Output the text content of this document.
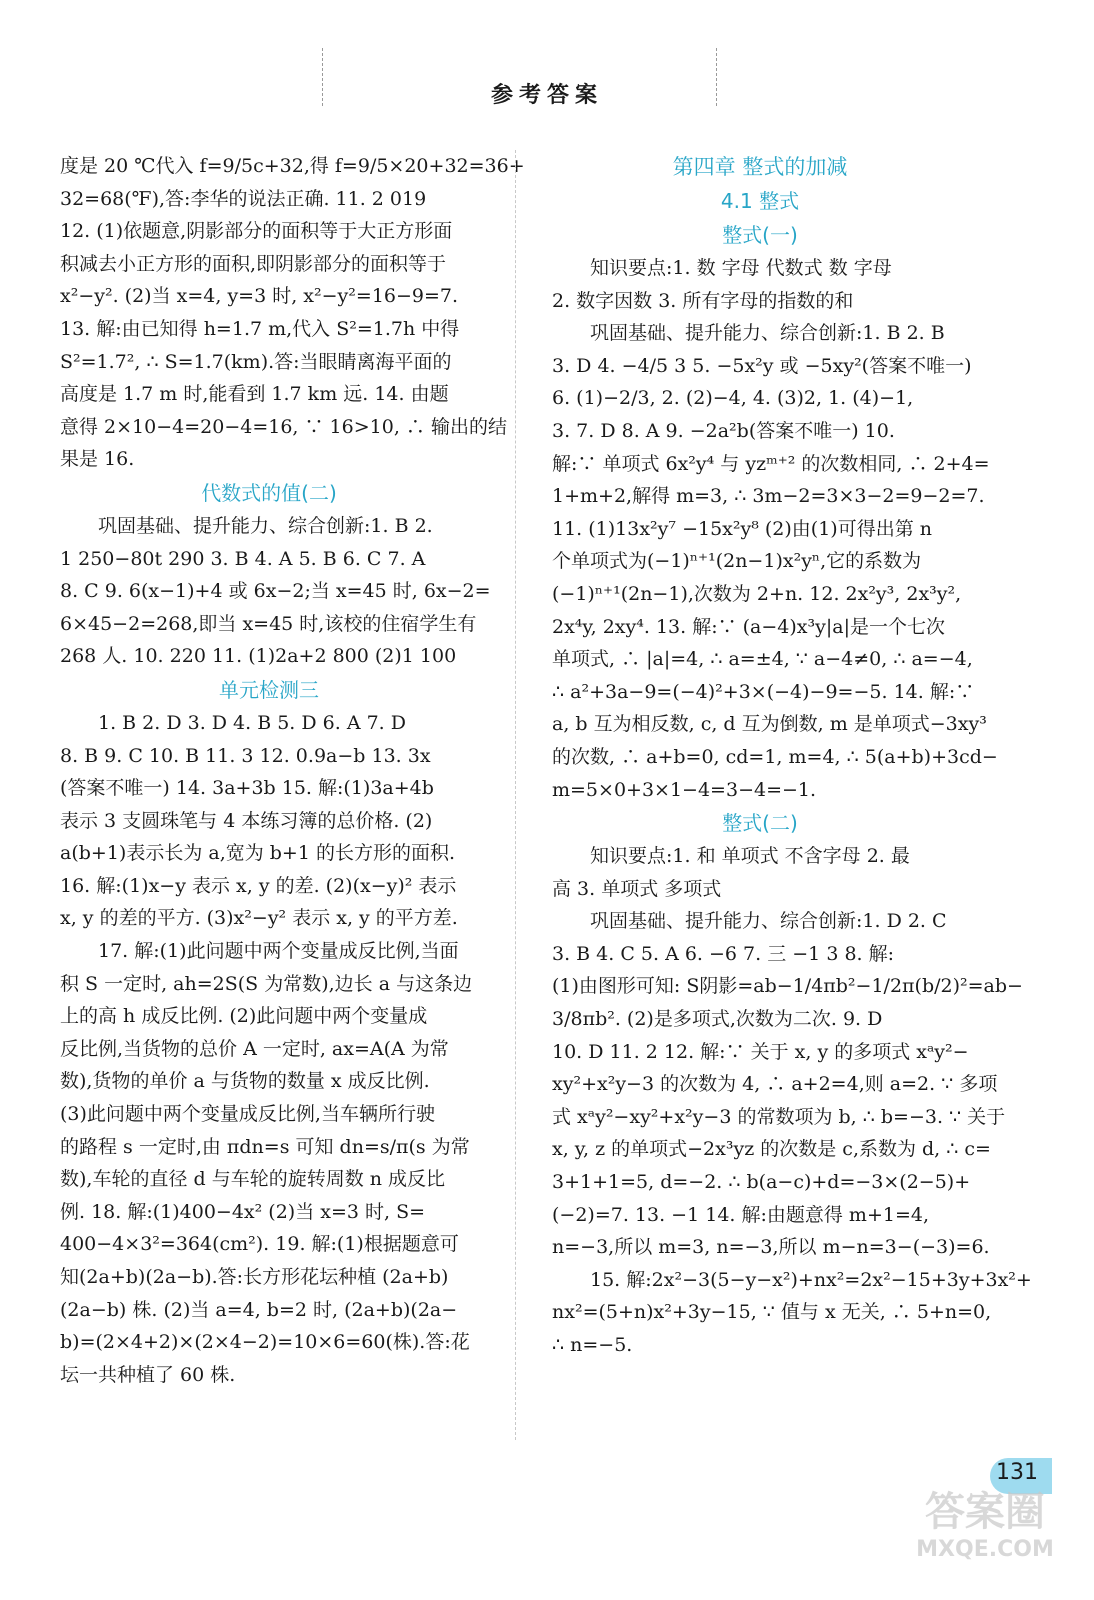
参考答案
度是 20 ℃代入 f=9/5c+32,得 f=9/5×20+32=36+
32=68(℉),答:李华的说法正确. 11. 2 019
12. (1)依题意,阴影部分的面积等于大正方形面
积减去小正方形的面积,即阴影部分的面积等于
x²−y². (2)当 x=4, y=3 时, x²−y²=16−9=7.
13. 解:由已知得 h=1.7 m,代入 S²=1.7h 中得
S²=1.7², ∴ S=1.7(km).答:当眼睛离海平面的
高度是 1.7 m 时,能看到 1.7 km 远. 14. 由题
意得 2×10−4=20−4=16, ∵ 16>10, ∴ 输出的结
果是 16.
代数式的值(二)
巩固基础、提升能力、综合创新:1. B 2.
1 250−80t 290 3. B 4. A 5. B 6. C 7. A
8. C 9. 6(x−1)+4 或 6x−2;当 x=45 时, 6x−2=
6×45−2=268,即当 x=45 时,该校的住宿学生有
268 人. 10. 220 11. (1)2a+2 800 (2)1 100
单元检测三
1. B 2. D 3. D 4. B 5. D 6. A 7. D
8. B 9. C 10. B 11. 3 12. 0.9a−b 13. 3x
(答案不唯一) 14. 3a+3b 15. 解:(1)3a+4b
表示 3 支圆珠笔与 4 本练习簿的总价格. (2)
a(b+1)表示长为 a,宽为 b+1 的长方形的面积.
16. 解:(1)x−y 表示 x, y 的差. (2)(x−y)² 表示
x, y 的差的平方. (3)x²−y² 表示 x, y 的平方差.
17. 解:(1)此问题中两个变量成反比例,当面
积 S 一定时, ah=2S(S 为常数),边长 a 与这条边
上的高 h 成反比例. (2)此问题中两个变量成
反比例,当货物的总价 A 一定时, ax=A(A 为常
数),货物的单价 a 与货物的数量 x 成反比例.
(3)此问题中两个变量成反比例,当车辆所行驶
的路程 s 一定时,由 πdn=s 可知 dn=s/π(s 为常
数),车轮的直径 d 与车轮的旋转周数 n 成反比
例. 18. 解:(1)400−4x² (2)当 x=3 时, S=
400−4×3²=364(cm²). 19. 解:(1)根据题意可
知(2a+b)(2a−b).答:长方形花坛种植 (2a+b)
(2a−b) 株. (2)当 a=4, b=2 时, (2a+b)(2a−
b)=(2×4+2)×(2×4−2)=10×6=60(株).答:花
坛一共种植了 60 株.
第四章 整式的加减
4.1 整式
整式(一)
知识要点:1. 数 字母 代数式 数 字母
2. 数字因数 3. 所有字母的指数的和
巩固基础、提升能力、综合创新:1. B 2. B
3. D 4. −4/5 3 5. −5x²y 或 −5xy²(答案不唯一)
6. (1)−2/3, 2. (2)−4, 4. (3)2, 1. (4)−1,
3. 7. D 8. A 9. −2a²b(答案不唯一) 10.
解:∵ 单项式 6x²y⁴ 与 yzᵐ⁺² 的次数相同, ∴ 2+4=
1+m+2,解得 m=3, ∴ 3m−2=3×3−2=9−2=7.
11. (1)13x²y⁷ −15x²y⁸ (2)由(1)可得出第 n
个单项式为(−1)ⁿ⁺¹(2n−1)x²yⁿ,它的系数为
(−1)ⁿ⁺¹(2n−1),次数为 2+n. 12. 2x²y³, 2x³y²,
2x⁴y, 2xy⁴. 13. 解:∵ (a−4)x³y|a|是一个七次
单项式, ∴ |a|=4, ∴ a=±4, ∵ a−4≠0, ∴ a=−4,
∴ a²+3a−9=(−4)²+3×(−4)−9=−5. 14. 解:∵
a, b 互为相反数, c, d 互为倒数, m 是单项式−3xy³
的次数, ∴ a+b=0, cd=1, m=4, ∴ 5(a+b)+3cd−
m=5×0+3×1−4=3−4=−1.
整式(二)
知识要点:1. 和 单项式 不含字母 2. 最
高 3. 单项式 多项式
巩固基础、提升能力、综合创新:1. D 2. C
3. B 4. C 5. A 6. −6 7. 三 −1 3 8. 解:
(1)由图形可知: S阴影=ab−1/4πb²−1/2π(b/2)²=ab−
3/8πb². (2)是多项式,次数为二次. 9. D
10. D 11. 2 12. 解:∵ 关于 x, y 的多项式 xᵃy²−
xy²+x²y−3 的次数为 4, ∴ a+2=4,则 a=2. ∵ 多项
式 xᵃy²−xy²+x²y−3 的常数项为 b, ∴ b=−3. ∵ 关于
x, y, z 的单项式−2x³yz 的次数是 c,系数为 d, ∴ c=
3+1+1=5, d=−2. ∴ b(a−c)+d=−3×(2−5)+
(−2)=7. 13. −1 14. 解:由题意得 m+1=4,
n=−3,所以 m=3, n=−3,所以 m−n=3−(−3)=6.
15. 解:2x²−3(5−y−x²)+nx²=2x²−15+3y+3x²+
nx²=(5+n)x²+3y−15, ∵ 值与 x 无关, ∴ 5+n=0,
∴ n=−5.
131
答案圈
MXQE.COM
